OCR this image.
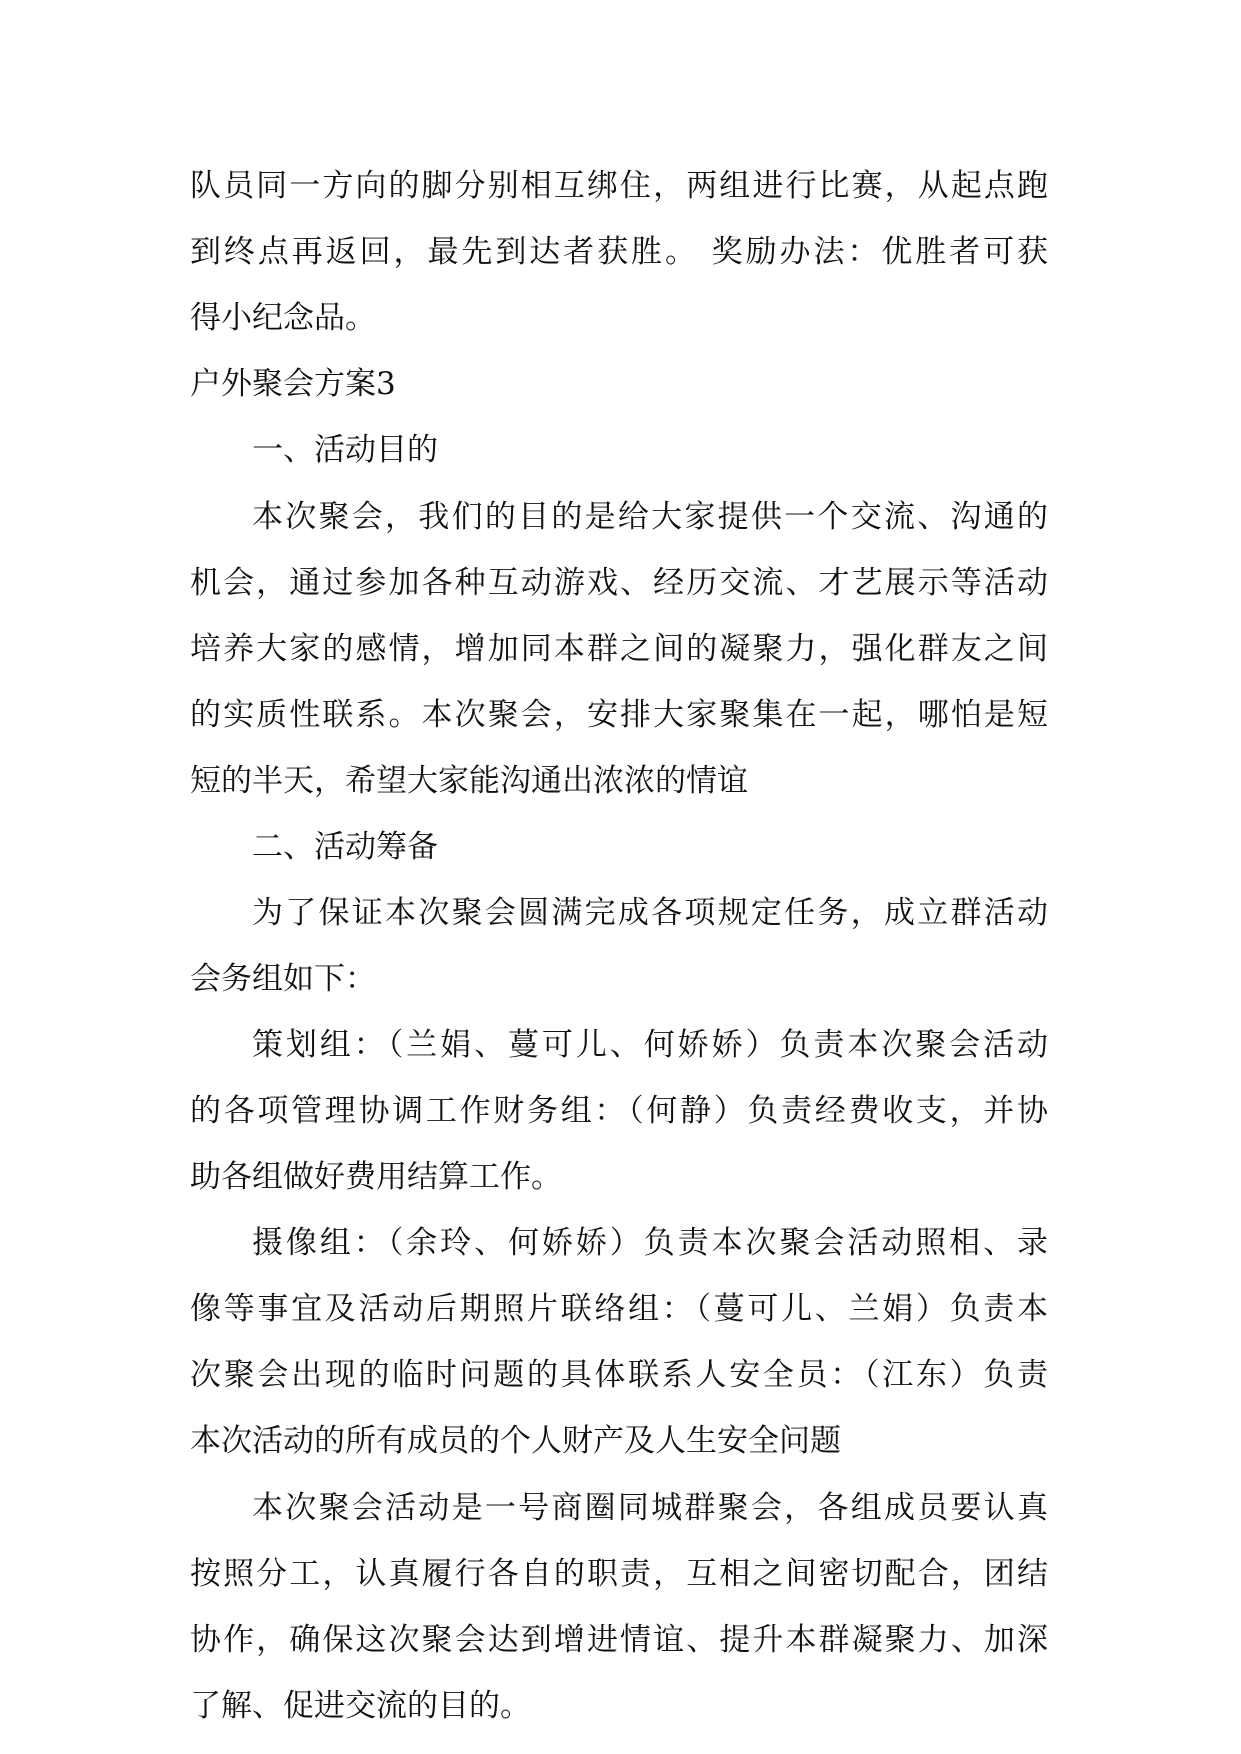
队员同一方向的脚分别相互绑住，两组进行比赛，从起点跑
到终点再返回，最先到达者获胜。 奖励办法：优胜者可获
得小纪念品。
户外聚会方案3
一、活动目的
本次聚会，我们的目的是给大家提供一个交流、沟通的
机会，通过参加各种互动游戏、经历交流、才艺展示等活动
培养大家的感情，增加同本群之间的凝聚力，强化群友之间
的实质性联系。本次聚会，安排大家聚集在一起，哪怕是短
短的半天，希望大家能沟通出浓浓的情谊
二、活动筹备
为了保证本次聚会圆满完成各项规定任务，成立群活动
会务组如下：
策划组：（兰娟、蔓可儿、何娇娇）负责本次聚会活动
的各项管理协调工作财务组：（何静）负责经费收支，并协
助各组做好费用结算工作。
摄像组：（余玲、何娇娇）负责本次聚会活动照相、录
像等事宜及活动后期照片联络组：（蔓可儿、兰娟）负责本
次聚会出现的临时问题的具体联系人安全员：（江东）负责
本次活动的所有成员的个人财产及人生安全问题
本次聚会活动是一号商圈同城群聚会，各组成员要认真
按照分工，认真履行各自的职责，互相之间密切配合，团结
协作，确保这次聚会达到增进情谊、提升本群凝聚力、加深
了解、促进交流的目的。
